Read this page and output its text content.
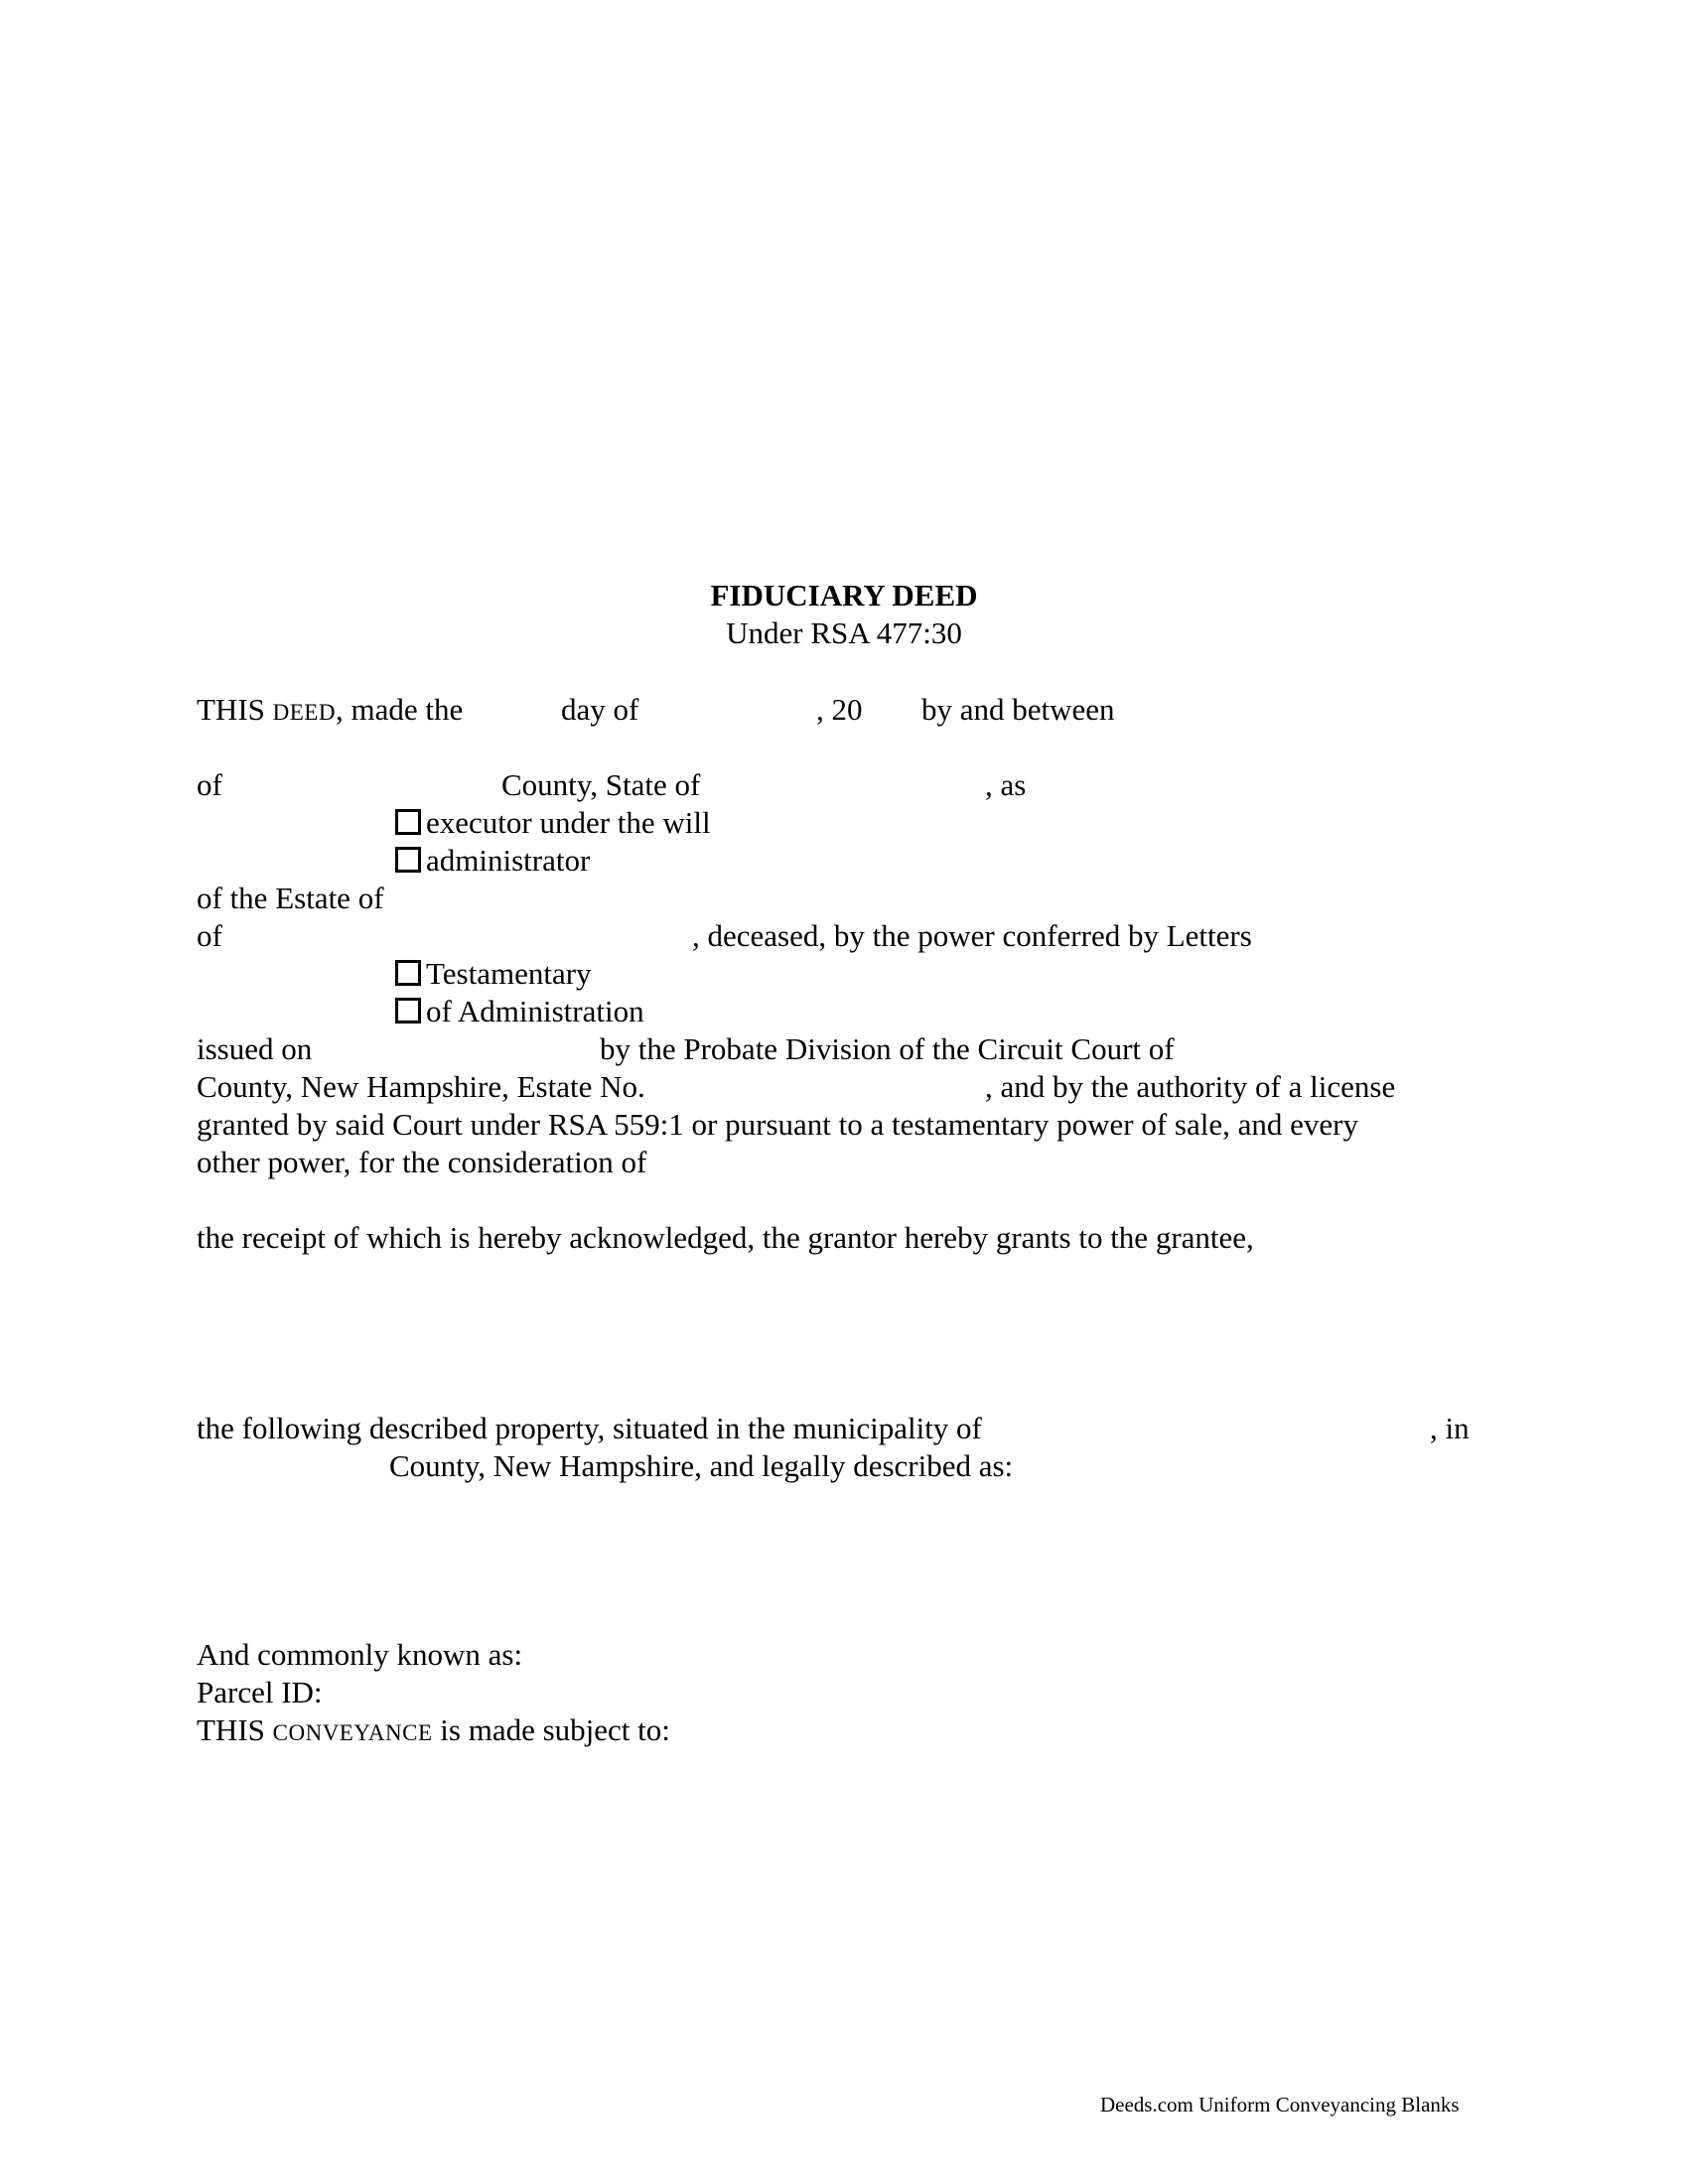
FIDUCIARY DEED
Under RSA 477:30
THIS DEED, made the	day of	, 20 by and between
of	County, State of	, as
executor under the will
administrator
of the Estate of
of	, deceased, by the power conferred by Letters
Testamentary
of Administration
issued on	by the Probate Division of the Circuit Court of
County, New Hampshire, Estate No.	, and by the authority of a license
granted by said Court under RSA 559:1 or pursuant to a testamentary power of sale, and every
other power, for the consideration of
the receipt of which is hereby acknowledged, the grantor hereby grants to the grantee,
the following described property, situated in the municipality of	, in
County, New Hampshire, and legally described as:
And commonly known as:
Parcel ID:
THIS CONVEYANCE is made subject to:
Deeds.com Uniform Conveyancing Blanks
